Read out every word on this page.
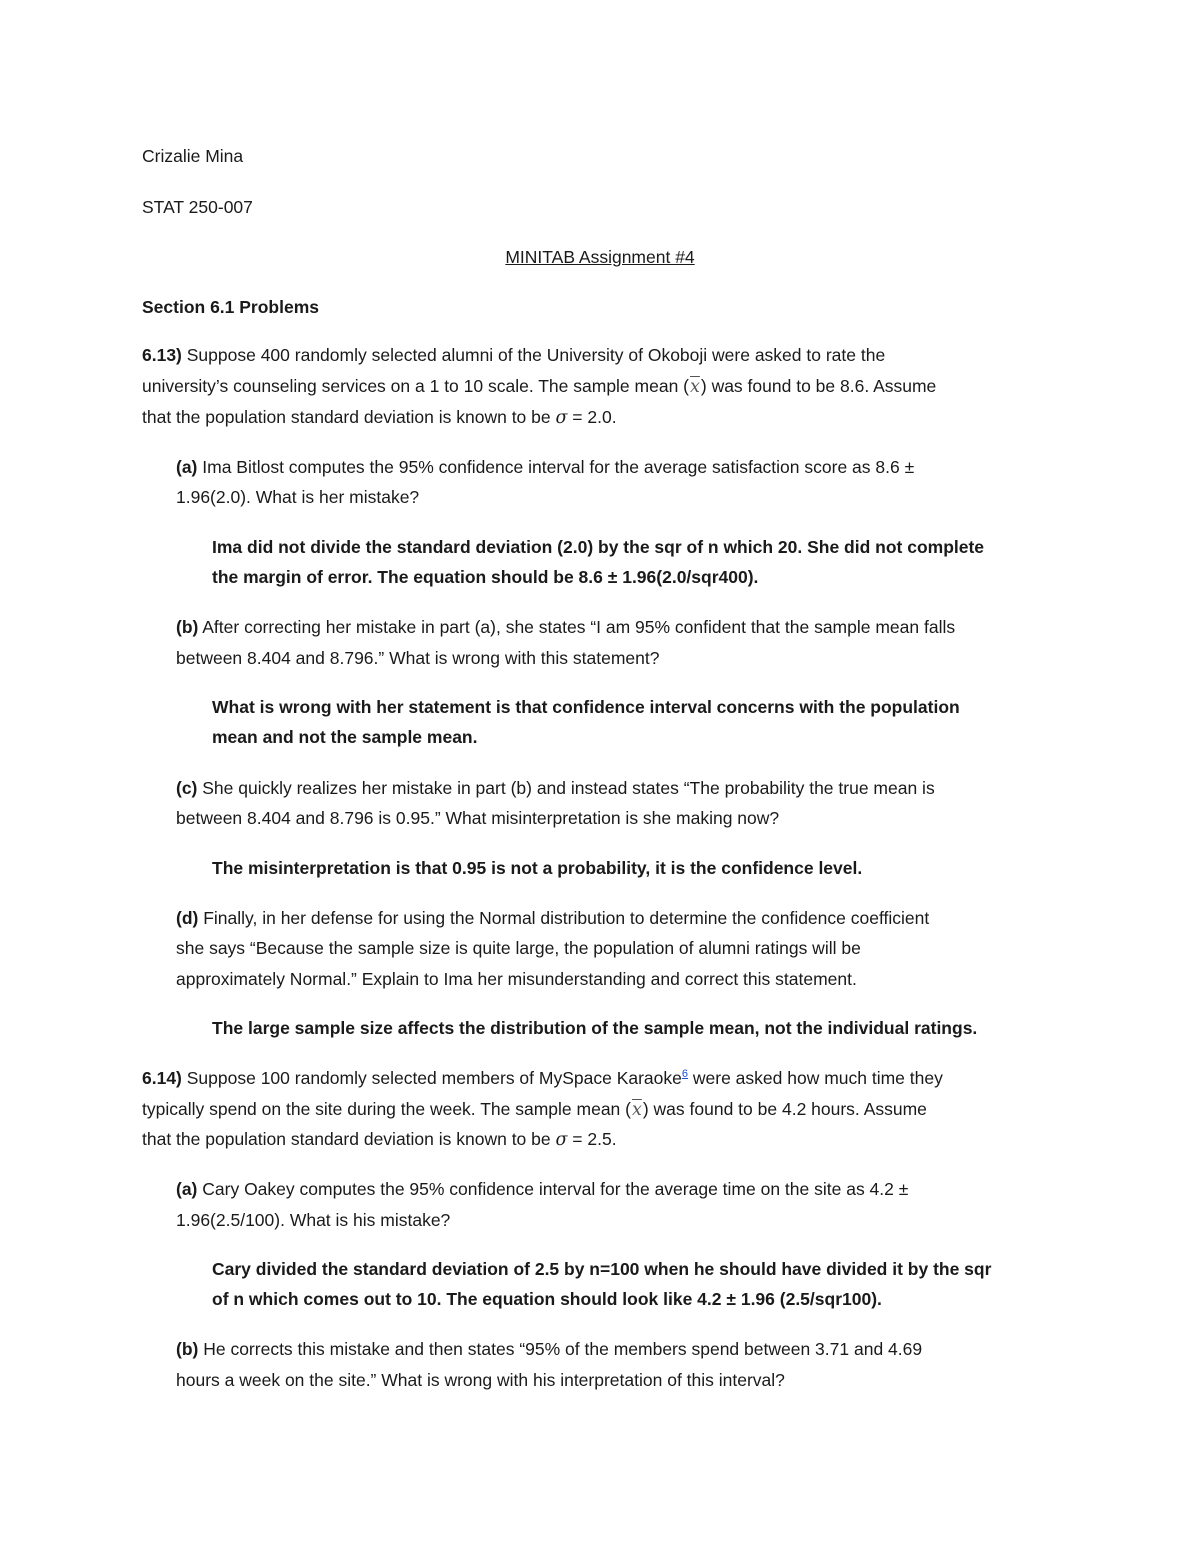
Crizalie Mina
STAT 250-007
MINITAB Assignment #4
Section 6.1 Problems
6.13) Suppose 400 randomly selected alumni of the University of Okoboji were asked to rate the
university’s counseling services on a 1 to 10 scale. The sample mean $(\overline{x})$ was found to be 8.6. Assume
that the population standard deviation is known to be σ = 2.0.
(a) Ima Bitlost computes the 95% confidence interval for the average satisfaction score as 8.6 ±
1.96(2.0). What is her mistake?
Ima did not divide the standard deviation (2.0) by the sqr of n which 20. She did not complete
the margin of error. The equation should be 8.6 ± 1.96(2.0/sqr400).
(b) After correcting her mistake in part (a), she states “I am 95% confident that the sample mean falls
between 8.404 and 8.796.” What is wrong with this statement?
What is wrong with her statement is that confidence interval concerns with the population
mean and not the sample mean.
(c) She quickly realizes her mistake in part (b) and instead states “The probability the true mean is
between 8.404 and 8.796 is 0.95.” What misinterpretation is she making now?
The misinterpretation is that 0.95 is not a probability, it is the confidence level.
(d) Finally, in her defense for using the Normal distribution to determine the confidence coefficient
she says “Because the sample size is quite large, the population of alumni ratings will be
approximately Normal.” Explain to Ima her misunderstanding and correct this statement.
The large sample size affects the distribution of the sample mean, not the individual ratings.
6.14) Suppose 100 randomly selected members of MySpace Karaoke$^6$ were asked how much time they
typically spend on the site during the week. The sample mean $(\overline{x})$ was found to be 4.2 hours. Assume
that the population standard deviation is known to be σ = 2.5.
(a) Cary Oakey computes the 95% confidence interval for the average time on the site as 4.2 ±
1.96(2.5/100). What is his mistake?
Cary divided the standard deviation of 2.5 by n=100 when he should have divided it by the sqr
of n which comes out to 10. The equation should look like 4.2 ± 1.96 (2.5/sqr100).
(b) He corrects this mistake and then states “95% of the members spend between 3.71 and 4.69
hours a week on the site.” What is wrong with his interpretation of this interval?
